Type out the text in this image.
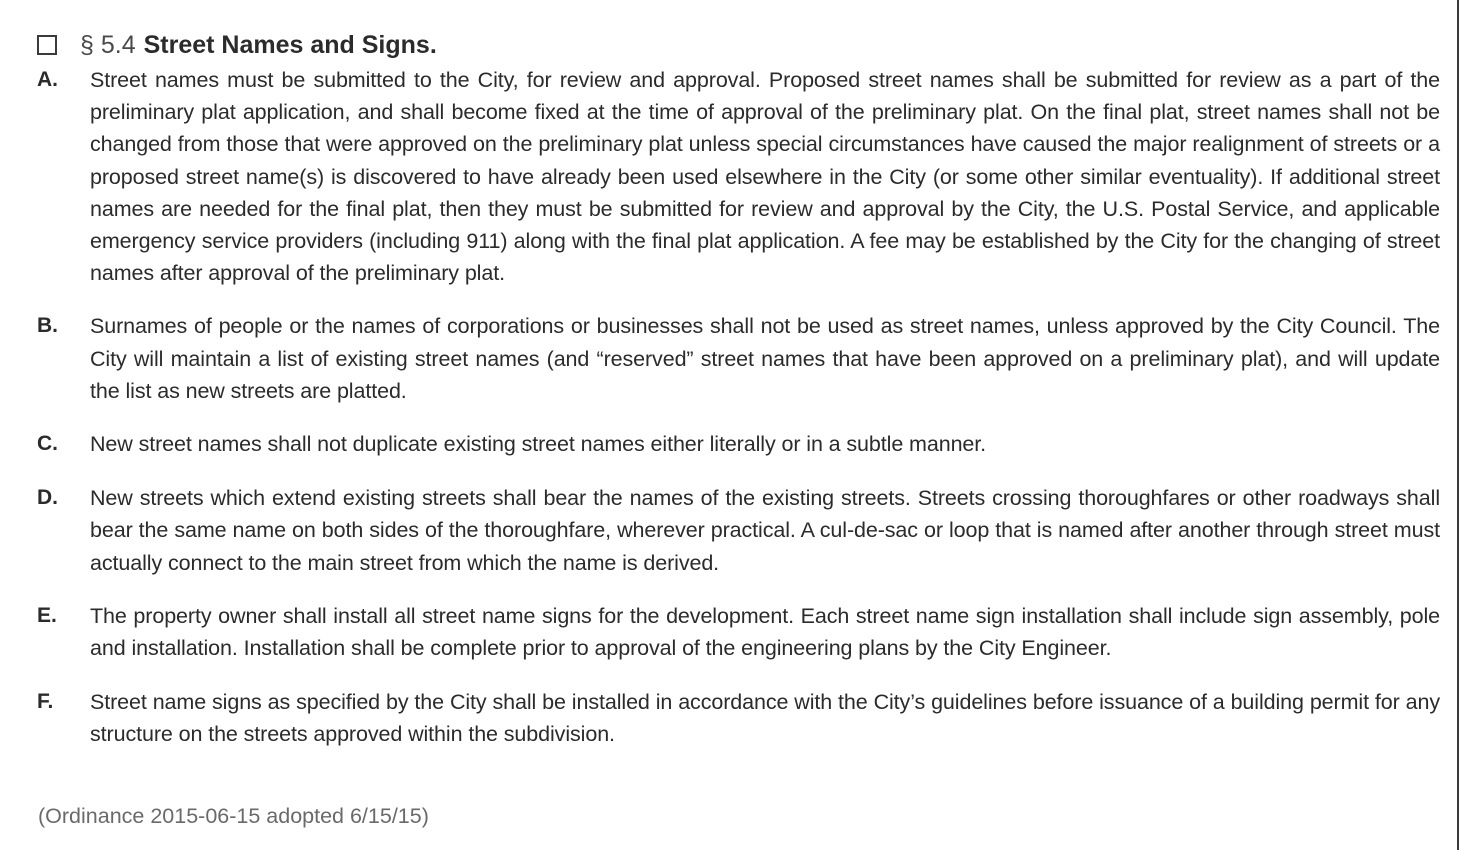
§ 5.4 Street Names and Signs.
A.	Street names must be submitted to the City, for review and approval. Proposed street names shall be submitted for review as a part of the preliminary plat application, and shall become fixed at the time of approval of the preliminary plat. On the final plat, street names shall not be changed from those that were approved on the preliminary plat unless special circumstances have caused the major realignment of streets or a proposed street name(s) is discovered to have already been used elsewhere in the City (or some other similar eventuality). If additional street names are needed for the final plat, then they must be submitted for review and approval by the City, the U.S. Postal Service, and applicable emergency service providers (including 911) along with the final plat application. A fee may be established by the City for the changing of street names after approval of the preliminary plat.
B.	Surnames of people or the names of corporations or businesses shall not be used as street names, unless approved by the City Council. The City will maintain a list of existing street names (and “reserved” street names that have been approved on a preliminary plat), and will update the list as new streets are platted.
C.	New street names shall not duplicate existing street names either literally or in a subtle manner.
D.	New streets which extend existing streets shall bear the names of the existing streets. Streets crossing thoroughfares or other roadways shall bear the same name on both sides of the thoroughfare, wherever practical. A cul-de-sac or loop that is named after another through street must actually connect to the main street from which the name is derived.
E.	The property owner shall install all street name signs for the development. Each street name sign installation shall include sign assembly, pole and installation. Installation shall be complete prior to approval of the engineering plans by the City Engineer.
F.	Street name signs as specified by the City shall be installed in accordance with the City’s guidelines before issuance of a building permit for any structure on the streets approved within the subdivision.
(Ordinance 2015-06-15 adopted 6/15/15)
